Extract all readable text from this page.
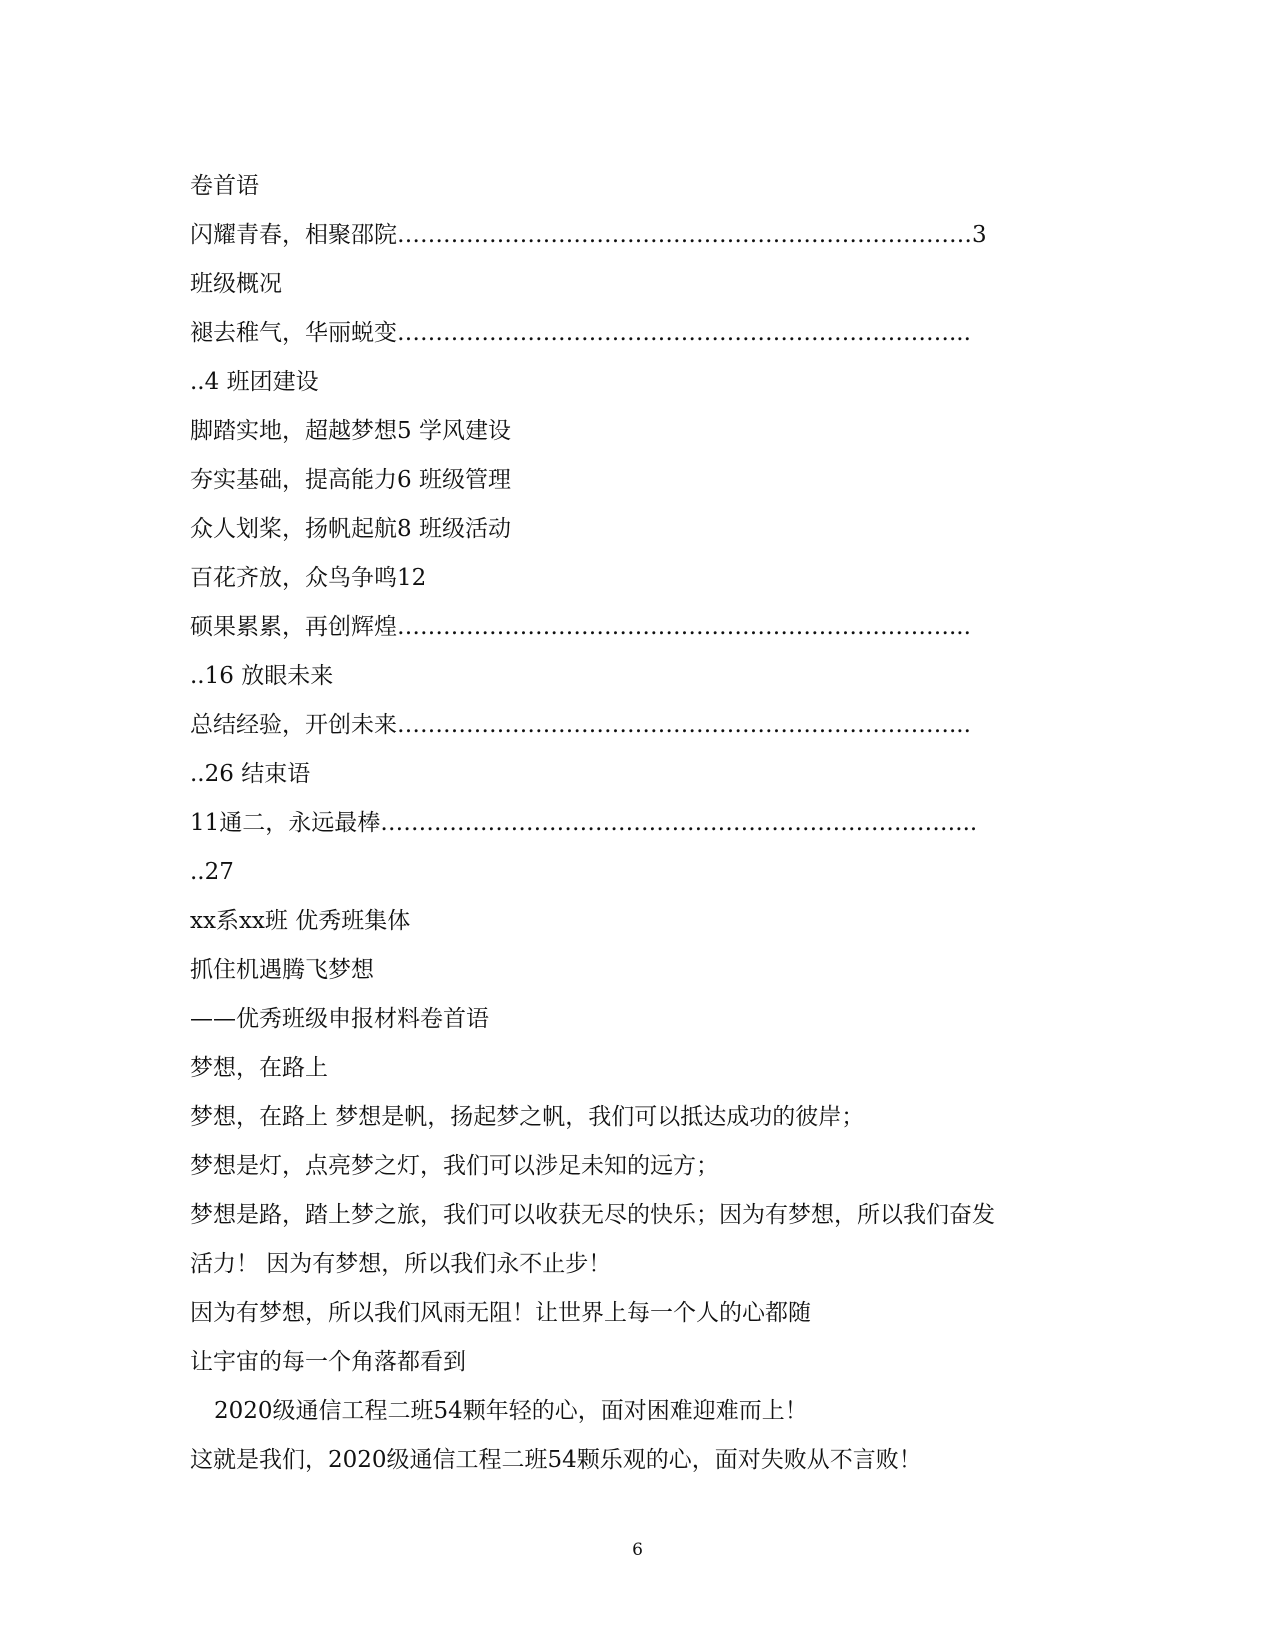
卷首语
闪耀青春，相聚邵院…………………………………………………………………3
班级概况
褪去稚气，华丽蜕变………………………………………………………………...
..4 班团建设
脚踏实地，超越梦想5 学风建设
夯实基础，提高能力6 班级管理
众人划桨，扬帆起航8 班级活动
百花齐放，众鸟争鸣12
硕果累累，再创辉煌………………………………………………………………...
..16 放眼未来
总结经验，开创未来………………………………………………………………...
..26 结束语
11通二，永远最棒…………………………………………………………………...
..27
xx系xx班 优秀班集体
抓住机遇腾飞梦想
——优秀班级申报材料卷首语
梦想，在路上
梦想，在路上 梦想是帆，扬起梦之帆，我们可以抵达成功的彼岸；
梦想是灯，点亮梦之灯，我们可以涉足未知的远方；
梦想是路，踏上梦之旅，我们可以收获无尽的快乐；因为有梦想，所以我们奋发
活力！ 因为有梦想，所以我们永不止步！
因为有梦想，所以我们风雨无阻！让世界上每一个人的心都随
让宇宙的每一个角落都看到
2020级通信工程二班54颗年轻的心，面对困难迎难而上！
这就是我们，2020级通信工程二班54颗乐观的心，面对失败从不言败！
6
